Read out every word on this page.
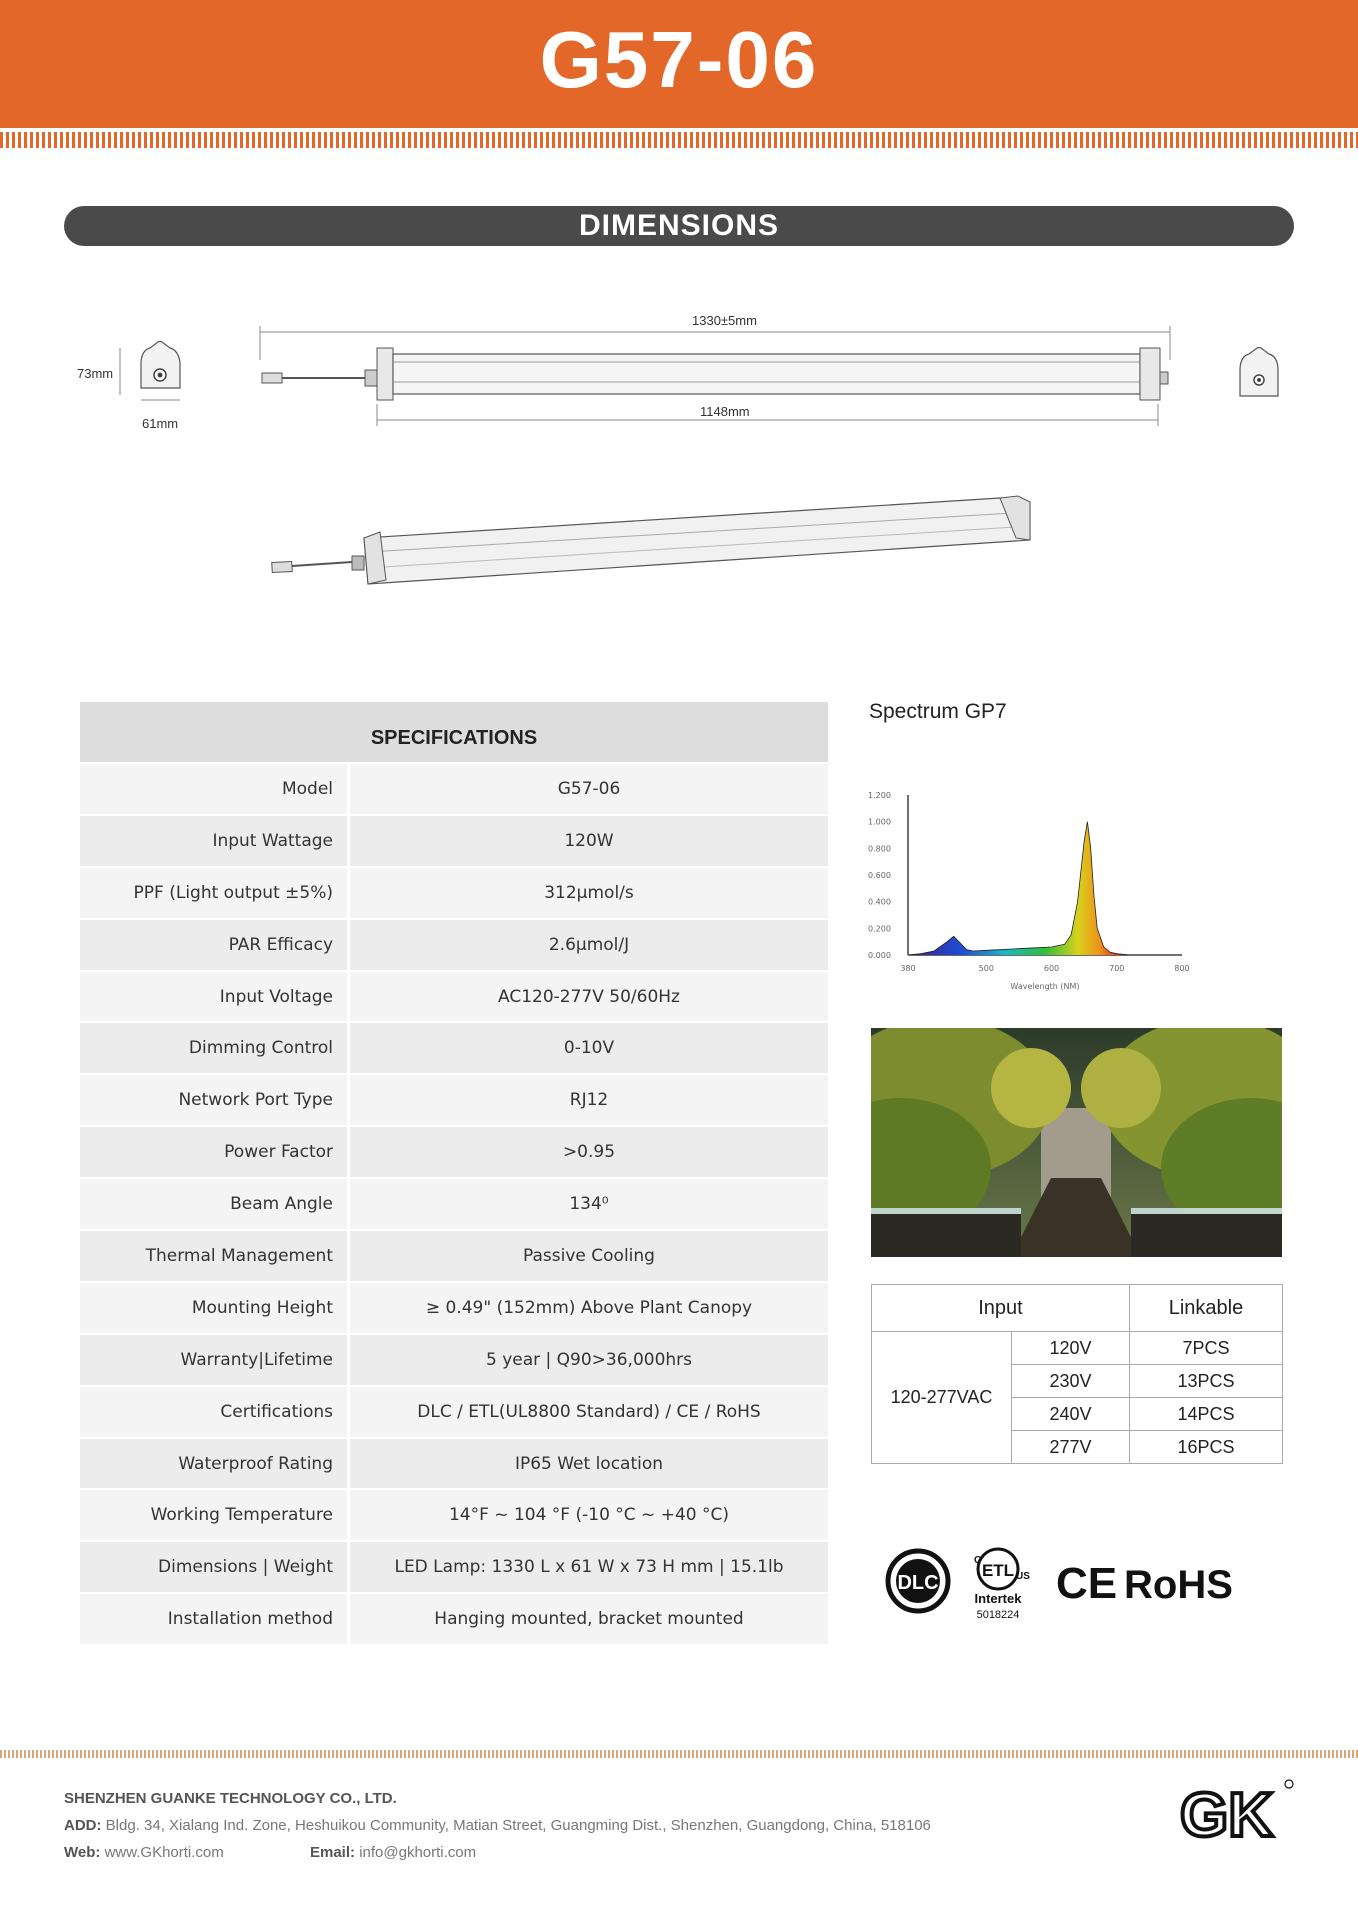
G57-06
DIMENSIONS
73mm
61mm
1330±5mm
1148mm
SPECIFICATIONS
Model	G57-06
Input Wattage	120W
PPF (Light output ±5%)	312μmol/s
PAR Efficacy	2.6μmol/J
Input Voltage	AC120-277V 50/60Hz
Dimming Control	0-10V
Network Port Type	RJ12
Power Factor	>0.95
Beam Angle	134⁰
Thermal Management	Passive Cooling
Mounting Height	≥ 0.49" (152mm) Above Plant Canopy
Warranty|Lifetime	5 year | Q90>36,000hrs
Certifications	DLC / ETL(UL8800 Standard) / CE / RoHS
Waterproof Rating	IP65 Wet location
Working Temperature	14°F ~ 104 °F (-10 °C ~ +40 °C)
Dimensions | Weight	LED Lamp: 1330 L x 61 W x 73 H mm | 15.1lb
Installation method	Hanging mounted, bracket mounted
Spectrum GP7
1.200
1.000
0.800
0.600
0.400
0.200
0.000
380	500	600	700	800
Wavelength (NM)
Input		Linkable
120-277VAC	120V	7PCS
	230V	13PCS
	240V	14PCS
	277V	16PCS
DLC
ETL
C
US
Intertek
5018224
CE RoHS
SHENZHEN GUANKE TECHNOLOGY CO., LTD.
ADD: Bldg. 34, Xialang Ind. Zone, Heshuikou Community, Matian Street, Guangming Dist., Shenzhen, Guangdong, China, 518106
Web: www.GKhorti.com	Email: info@gkhorti.com
GK
